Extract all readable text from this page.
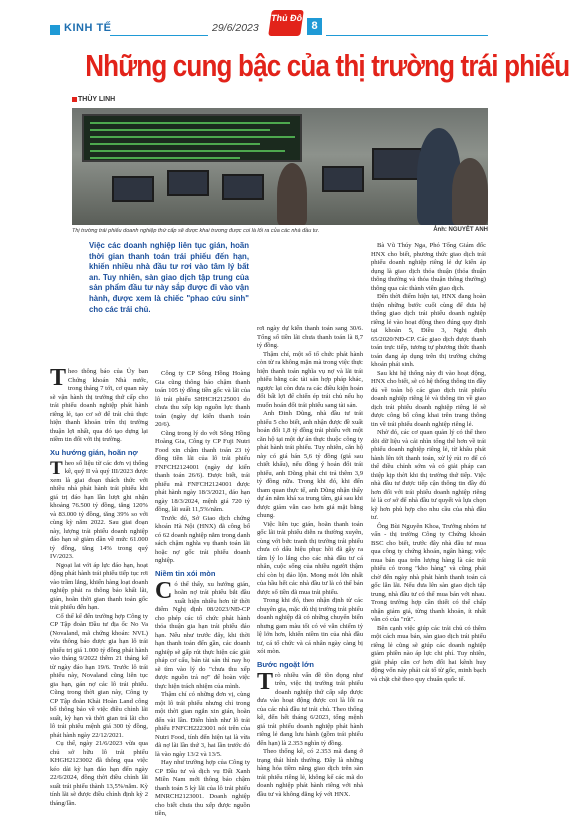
KINH TẾ	29/6/2023
Thủ Đô
8
Những cung bậc của thị trường trái phiếu
THÙY LINH
Thị trường trái phiếu doanh nghiệp thứ cấp sẽ được khai trương được coi là lối ra của các nhà đầu tư.	Ảnh: NGUYỄT ANH
Việc các doanh nghiệp liên tục gián, hoãn thời gian thanh toán trái phiếu đến hạn, khiến nhiều nhà đầu tư rơi vào tâm lý bất an. Tuy nhiên, sàn giao dịch tập trung của sản phẩm đầu tư này sắp được đi vào vận hành, được xem là chiếc "phao cứu sinh" cho các trái chủ.

Theo thông báo của Ủy ban Chứng khoán Nhà nước, trong tháng 7 tới, cơ quan này sẽ vận hành thị trường thứ cấp cho trái phiếu doanh nghiệp phát hành riêng lẻ, tạo cơ sở để trái chủ thực hiện thanh khoản trên thị trường thuận lợi nhất, qua đó tạo dựng lại niềm tin đối với thị trường.

Xu hướng gián, hoãn nợ

Theo số liệu từ các đơn vị thống kê, quý II và quý III/2023 được xem là giai đoạn thách thức với nhiều nhà phát hành trái phiếu khi giá trị đáo hạn lần lượt ghi nhận khoảng 76.500 tỷ đồng, tăng 120% và 83.000 tỷ đồng, tăng 39% so với cùng kỳ năm 2022. Sau giai đoạn này, lượng trái phiếu doanh nghiệp đáo hạn sẽ giảm dần về mức 61.000 tỷ đồng, tăng 14% trong quý IV/2023.

Ngoại lai với áp lực đáo hạn, hoạt động phát hành trái phiếu tiếp tục rơi vào trầm lắng, khiến hàng loạt doanh nghiệp phải ra thông báo khất lãi, gián, hoãn thời gian thanh toán gốc trái phiếu đến hạn.

Cố thể kể đến trường hợp Công ty CP Tập đoàn Đầu tư địa ốc No Va (Novaland, mã chứng khoán: NVL) vừa thông báo được gia hạn lô trái phiếu trị giá 1.000 tỷ đồng phát hành vào tháng 9/2022 thêm 21 tháng kể từ ngày đáo hạn 19/6. Trước lô trái phiếu này, Novaland cũng liên tục gia hạn, gán nợ các lô trái phiếu. Cũng trong thời gian này, Công ty CP Tập đoàn Khải Hoàn Land công bố thông báo về việc điều chỉnh lãi suất, kỳ hạn và thời gian trả lãi cho lô trái phiếu mệnh giá 300 tỷ đồng, phát hành ngày 22/12/2021.

Cụ thể, ngày 21/6/2023 vừa qua chủ sở hữu lô trái phiếu KHGH2123002 đã thông qua việc kéo dài kỳ hạn đáo hạn đến ngày 22/6/2024, đồng thời điều chỉnh lãi suất trái phiếu thành 13,5%/năm. Kỳ tính lãi sẽ được điều chỉnh định kỳ 2 tháng/lần.

Công ty CP Sông Hồng Hoàng Gia cũng thông báo chậm thanh toán 105 tỷ đồng tiền gốc và lãi của lô trái phiếu SHHCH2125001 do chưa thu xếp kịp nguồn lực thanh toán (ngày dự kiến thanh toán 20/6).

Cũng trong lý do với Sông Hồng Hoàng Gia, Công ty CP Fuji Nutri Food xin chậm thanh toán 23 tỷ đồng tiền lãi của lô trái phiếu FNFCH2124001 (ngày dự kiến thanh toán 26/6). Được biết, trái phiếu mã FNFCH2124001 được phát hành ngày 18/3/2021, đáo hạn ngày 18/3/2024, mệnh giá 720 tỷ đồng, lãi suất 11,5%/năm.

Trước đó, Sở Giao dịch chứng khoán Hà Nội (HNX) đã công bố có 62 doanh nghiệp nằm trong danh sách chậm nghĩa vụ thanh toán lãi hoặc nợ gốc trái phiếu doanh nghiệp.

Niềm tin xói mòn

Có thể thấy, xu hướng gián, hoãn nợ trái phiếu bắt đầu xuất hiện nhiều hơn từ thời điểm Nghị định 08/2023/NĐ-CP cho phép các tổ chức phát hành thỏa thuận gia hạn trái phiếu đáo hạn. Nếu như trước đây, khi thời hạn thanh toán đến gần, các doanh nghiệp sẽ gấp rút thực hiện các giải pháp cơ cấu, bán tài sản thì nay họ sẽ tìm vào lý do "chưa thu xếp được nguồn trả nợ" để hoàn việc thực hiện trách nhiệm của mình.

Thậm chí có những đơn vị, cùng một lô trái phiếu nhưng chỉ trong một thời gian ngắn xin gián, hoãn đến vài lần. Điển hình như lô trái phiếu FNFCH2223001 nói trên của Nutri Food, tính đến hiện tại là vừa đã nợ lãi lần thứ 3, hai lần trước đó là vào ngày 13/2 và 13/5.

Hay như trường hợp của Công ty CP Đầu tư và dịch vụ Đất Xanh Miền Nam mới thông báo chậm thanh toán 5 kỳ lãi của lô trái phiếu MNRCH2123001. Doanh nghiệp cho biết chưa thu xếp được nguồn tiền,

rơi ngày dự kiến thanh toán sang 30/6. Tổng số tiền lãi chưa thanh toán là 8,7 tỷ đồng.

Thậm chí, một số tổ chức phát hành còn từ ra không mặn mà trong việc thực hiện thanh toán nghĩa vụ nợ và lãi trái phiếu bằng các tài sản hợp pháp khác, ngược lại còn đưa ra các điều kiện hoán đổi bất lợi để chiến ép trái chủ nếu họ muốn hoán đổi trái phiếu sang tài sản.

Anh Đinh Dũng, nhà đầu tư trái phiếu 5 cho biết, anh nhận được đề xuất hoán đổi 1,8 tỷ đồng trái phiếu với một căn hộ tại một dự án thực thuộc công ty phát hành trái phiếu. Tuy nhiên, căn hộ này có giá bán 5,6 tỷ đồng (giá sau chiết khấu), nếu đồng ý hoán đổi trái phiếu, anh Dũng phải chi trả thêm 3,9 tỷ đồng nữa. Trong khi đó, khi đến tham quan thực tế, anh Dũng nhận thấy dự án nằm khá xa trung tâm, giá sau khi được giảm vẫn cao hơn giá mặt bằng chung.

Việc liên tục gián, hoãn thanh toán gốc lãi trái phiếu diễn ra thường xuyên, cùng với bức tranh thị trường trái phiếu chưa có dấu hiệu phục hồi đã gây ra tâm lý lo lắng cho các nhà đầu tư cá nhân, cuộc sống của nhiều người thậm chí còn bị đảo lộn. Mong mỏi lớn nhất của hầu hết các nhà đầu tư là có thể bán được số tiền đã mua trái phiếu.

Trong khi đó, theo nhận định từ các chuyên gia, mặc dù thị trường trái phiếu doanh nghiệp đã có những chuyển biến nhưng gam màu tối có vẻ vẫn chiếm tỷ lệ lớn hơn, khiến niềm tin của nhà đầu tư, cá tổ chức và cá nhân ngày càng bị xói mòn.

Bước ngoặt lớn

Trò nhiều vấn đề tồn đọng như trên, việc thị trường trái phiếu doanh nghiệp thứ cấp sắp được đưa vào hoạt động được coi là lối ra của các nhà đầu tư trái chủ. Theo thống kê, đến hết tháng 6/2023, tổng mệnh giá trái phiếu doanh nghiệp phát hành riêng lẻ đang lưu hành (gồm trái phiếu đến hạn) là 2.353 nghìn tỷ đồng.

Theo thống kê, có 2.353 mã đang ở trạng thái hình thường. Đây là những hàng hóa tiềm năng giao dịch trên sàn trái phiếu riêng lẻ, không kể các mã do doanh nghiệp phát hành riêng với nhà đầu tư và không đăng ký với HNX.

Bà Vũ Thúy Nga, Phó Tổng Giám đốc HNX cho biết, phương thức giao dịch trái phiếu doanh nghiệp riêng lẻ dự kiến áp dụng là giao dịch thỏa thuận (thỏa thuận thông thường và thỏa thuận thông thường) thông qua các thành viên giao dịch.

Đến thời điểm hiện tại, HNX đang hoàn thiện những bước cuối cùng để đưa hệ thống giao dịch trái phiếu doanh nghiệp riêng lẻ vào hoạt động theo đúng quy định tại khoản 5, Điều 3, Nghị định 65/2020/NĐ-CP. Các giao dịch được thanh toán trực tiếp, tương tự phương thức thanh toán đang áp dụng trên thị trường chứng khoán phái sinh.

Sau khi hệ thống này đi vào hoạt động, HNX cho biết, sẽ có hệ thống thông tin đầy đủ về toàn bộ các giao dịch trái phiếu doanh nghiệp riêng lẻ và thông tin về giao dịch trái phiếu doanh nghiệp riêng lẻ sẽ được công bố công khai trên trang thông tin về trái phiếu doanh nghiệp riêng lẻ.

Nhờ đó, các cơ quan quản lý có thể theo dõi dữ liệu và cái nhìn tổng thể hơn về trái phiếu doanh nghiệp riêng lẻ, từ khâu phát hành lên tới thanh toán, xử lý rủi ro để có thể điều chỉnh sớm và có giải pháp can thiệp kịp thời khi thị trường thứ tiếp. Việc nhà đầu tư được tiếp cận thông tin đầy đủ hơn đối với trái phiếu doanh nghiệp riêng lẻ là cơ sở để nhà đầu tư quyết và lựa chọn kỹ hơn phù hợp cho nhu cầu của nhà đầu tư.

Ông Bùi Nguyên Khoa, Trưởng nhóm tư vấn - thị trường Công ty Chứng khoán BSC cho biết, trước đây nhà đầu tư mua qua công ty chứng khoán, ngân hàng; việc mua bán qua trên lượng hàng là các trái phiếu có trong "kho hàng" và cũng phải chờ đến ngày nhà phát hành thanh toán cả gốc lẫn lãi. Nếu đưa lên sàn giao dịch tập trung, nhà đầu tư có thể mua bán với nhau. Trong trường hợp cần thiết có thể chấp nhận giảm giá, từng thanh khoản, ít nhất vẫn có của "rút".

Bên cạnh việc giúp các trái chủ có thêm một cách mua bán, sàn giao dịch trái phiếu riêng lẻ cũng sẽ giúp các doanh nghiệp giảm phiền nào áp lực chi phí. Tuy nhiên, giải pháp căn cơ hơn đối hai kênh huy động vốn này phải cải tổ từ gốc, minh bạch và chặt chẽ theo quy chuẩn quốc tế.
